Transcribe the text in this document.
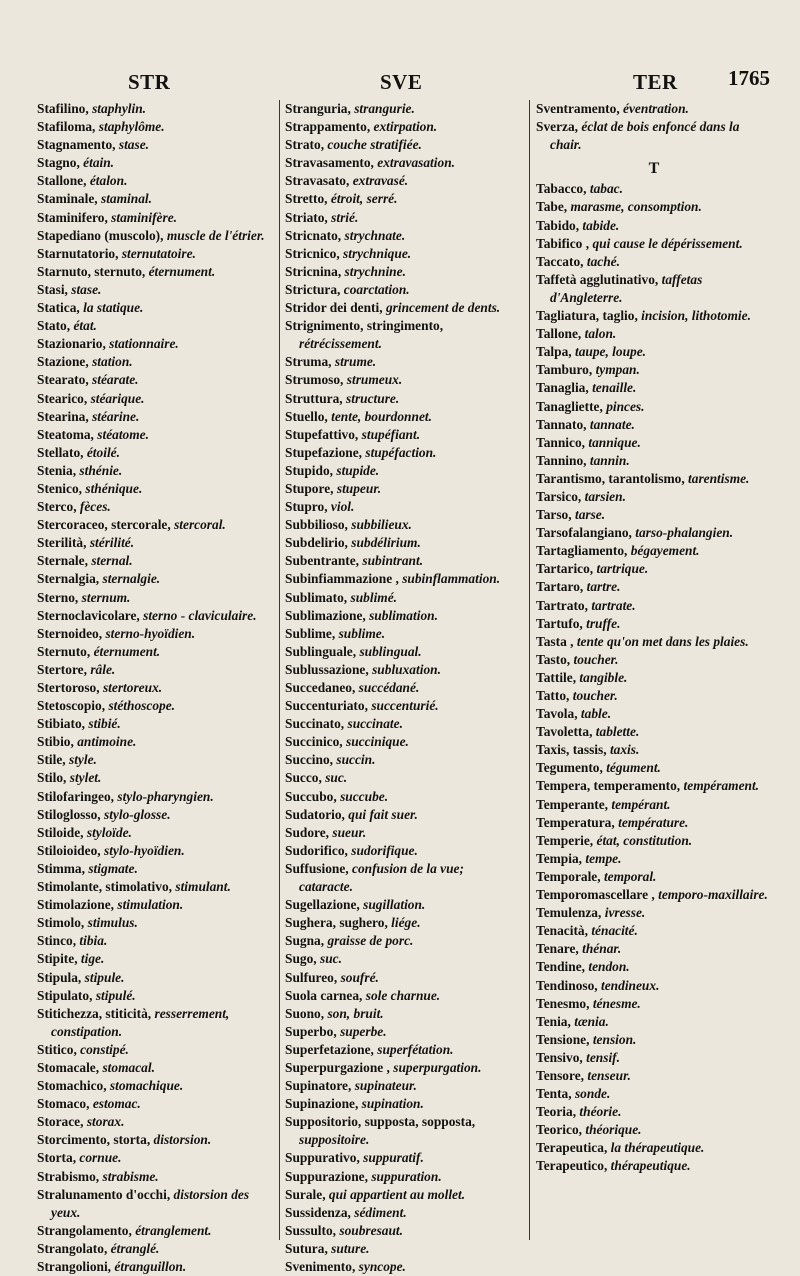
STR	SVE	TER 1765

Stafilino, staphylin.

Stafiloma, staphylôme.

Stagnamento, stase.

Stagno, étain.

Stallone, étalon.

Staminale, staminal.

Staminifero, staminifère.

Stapediano (muscolo), muscle de l'étrier.

Starnutatorio, sternutatoire.

Starnuto, sternuto, éternument.

Stasi, stase.

Statica, la statique.

Stato, état.

Stazionario, stationnaire.

Stazione, station.

Stearato, stéarate.

Stearico, stéarique.

Stearina, stéarine.

Steatoma, stéatome.

Stellato, étoilé.

Stenia, sthénie.

Stenico, sthénique.

Sterco, fèces.

Stercoraceo, stercorale, stercoral.

Sterilità, stérilité.

Sternale, sternal.

Sternalgia, sternalgie.

Sterno, sternum.

Sternoclavicolare, sterno - claviculaire.

Sternoideo, sterno-hyoïdien.

Sternuto, éternument.

Stertore, râle.

Stertoroso, stertoreux.

Stetoscopio, stéthoscope.

Stibiato, stibié.

Stibio, antimoine.

Stile, style.

Stilo, stylet.

Stilofaringeo, stylo-pharyngien.

Stiloglosso, stylo-glosse.

Stiloide, styloïde.

Stiloioideo, stylo-hyoïdien.

Stimma, stigmate.

Stimolante, stimolativo, stimulant.

Stimolazione, stimulation.

Stimolo, stimulus.

Stinco, tibia.

Stipite, tige.

Stipula, stipule.

Stipulato, stipulé.

Stitichezza, stiticità, resserrement, constipation.

Stitico, constipé.

Stomacale, stomacal.

Stomachico, stomachique.

Stomaco, estomac.

Storace, storax.

Storcimento, storta, distorsion.

Storta, cornue.

Strabismo, strabisme.

Stralunamento d'occhi, distorsion des yeux.

Strangolamento, étranglement.

Strangolato, étranglé.

Strangolioni, étranguillon.

Stranguria, strangurie.

Strappamento, extirpation.

Strato, couche stratifiée.

Stravasamento, extravasation.

Stravasato, extravasé.

Stretto, étroit, serré.

Striato, strié.

Stricnato, strychnate.

Stricnico, strychnique.

Stricnina, strychnine.

Strictura, coarctation.

Stridor dei denti, grincement de dents.

Strignimento, stringimento, rétrécissement.

Struma, strume.

Strumoso, strumeux.

Struttura, structure.

Stuello, tente, bourdonnet.

Stupefattivo, stupéfiant.

Stupefazione, stupéfaction.

Stupido, stupide.

Stupore, stupeur.

Stupro, viol.

Subbilioso, subbilieux.

Subdelirio, subdélirium.

Subentrante, subintrant.

Subinfiammazione , subinflammation.

Sublimato, sublimé.

Sublimazione, sublimation.

Sublime, sublime.

Sublinguale, sublingual.

Sublussazione, subluxation.

Succedaneo, succédané.

Succenturiato, succenturié.

Succinato, succinate.

Succinico, succinique.

Succino, succin.

Succo, suc.

Succubo, succube.

Sudatorio, qui fait suer.

Sudore, sueur.

Sudorifico, sudorifique.

Suffusione, confusion de la vue; cataracte.

Sugellazione, sugillation.

Sughera, sughero, liége.

Sugna, graisse de porc.

Sugo, suc.

Sulfureo, soufré.

Suola carnea, sole charnue.

Suono, son, bruit.

Superbo, superbe.

Superfetazione, superfétation.

Superpurgazione , superpurgation.

Supinatore, supinateur.

Supinazione, supination.

Suppositorio, supposta, sopposta, suppositoire.

Suppurativo, suppuratif.

Suppurazione, suppuration.

Surale, qui appartient au mollet.

Sussidenza, sédiment.

Sussulto, soubresaut.

Sutura, suture.

Svenimento, syncope.

Sventramento, éventration.

Sverza, éclat de bois enfoncé dans la chair.

T

Tabacco, tabac.

Tabe, marasme, consomption.

Tabido, tabide.

Tabifico , qui cause le dépérissement.

Taccato, taché.

Taffetà agglutinativo, taffetas d'Angleterre.

Tagliatura, taglio, incision, lithotomie.

Tallone, talon.

Talpa, taupe, loupe.

Tamburo, tympan.

Tanaglia, tenaille.

Tanagliette, pinces.

Tannato, tannate.

Tannico, tannique.

Tannino, tannin.

Tarantismo, tarantolismo, tarentisme.

Tarsico, tarsien.

Tarso, tarse.

Tarsofalangiano, tarso-phalangien.

Tartagliamento, bégayement.

Tartarico, tartrique.

Tartaro, tartre.

Tartrato, tartrate.

Tartufo, truffe.

Tasta , tente qu'on met dans les plaies.

Tasto, toucher.

Tattile, tangible.

Tatto, toucher.

Tavola, table.

Tavoletta, tablette.

Taxis, tassis, taxis.

Tegumento, tégument.

Tempera, temperamento, tempérament.

Temperante, tempérant.

Temperatura, température.

Temperie, état, constitution.

Tempia, tempe.

Temporale, temporal.

Temporomascellare , temporo-maxillaire.

Temulenza, ivresse.

Tenacità, ténacité.

Tenare, thénar.

Tendine, tendon.

Tendinoso, tendineux.

Tenesmo, ténesme.

Tenia, tænia.

Tensione, tension.

Tensivo, tensif.

Tensore, tenseur.

Tenta, sonde.

Teoria, théorie.

Teorico, théorique.

Terapeutica, la thérapeutique.

Terapeutico, thérapeutique.
